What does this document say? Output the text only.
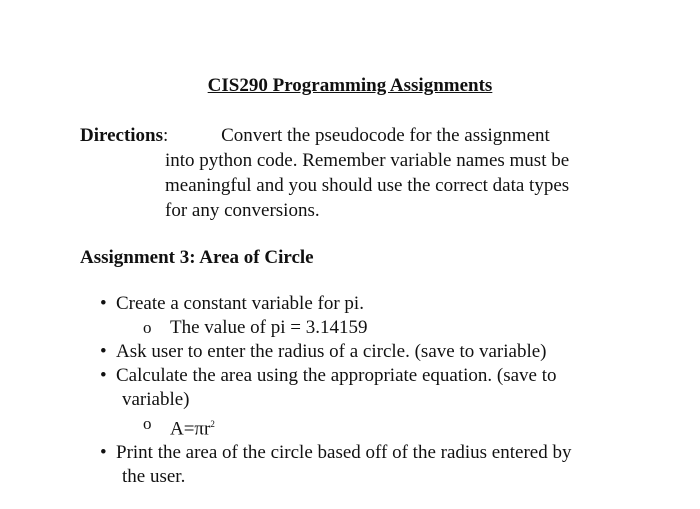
CIS290 Programming Assignments
Directions:	Convert the pseudocode for the assignment
into python code. Remember variable names must be
meaningful and you should use the correct data types
for any conversions.
Assignment 3: Area of Circle
• Create a constant variable for pi.
o The value of pi = 3.14159
• Ask user to enter the radius of a circle. (save to variable)
• Calculate the area using the appropriate equation. (save to
variable)
o $A=\pi r^2$
• Print the area of the circle based off of the radius entered by
the user.
